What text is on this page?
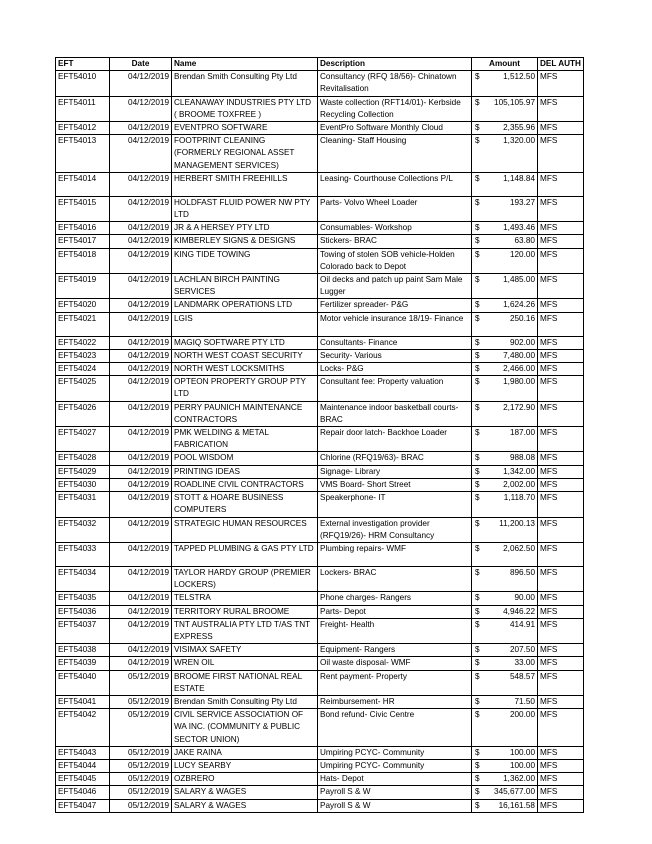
EFT	Date	Name	Description	Amount	DEL AUTH
EFT54010	04/12/2019	Brendan Smith Consulting Pty Ltd	Consultancy (RFQ 18/56)- Chinatown Revitalisation	$ 1,512.50	MFS
EFT54011	04/12/2019	CLEANAWAY INDUSTRIES PTY LTD ( BROOME TOXFREE )	Waste collection (RFT14/01)- Kerbside Recycling Collection	$ 105,105.97	MFS
EFT54012	04/12/2019	EVENTPRO SOFTWARE	EventPro Software Monthly Cloud	$ 2,355.96	MFS
EFT54013	04/12/2019	FOOTPRINT CLEANING (FORMERLY REGIONAL ASSET MANAGEMENT SERVICES)	Cleaning- Staff Housing	$ 1,320.00	MFS
EFT54014	04/12/2019	HERBERT SMITH FREEHILLS	Leasing- Courthouse Collections P/L	$ 1,148.84	MFS
EFT54015	04/12/2019	HOLDFAST FLUID POWER NW PTY LTD	Parts- Volvo Wheel Loader	$ 193.27	MFS
EFT54016	04/12/2019	JR & A HERSEY PTY LTD	Consumables- Workshop	$ 1,493.46	MFS
EFT54017	04/12/2019	KIMBERLEY SIGNS & DESIGNS	Stickers- BRAC	$ 63.80	MFS
EFT54018	04/12/2019	KING TIDE TOWING	Towing of stolen SOB vehicle-Holden Colorado back to Depot	$ 120.00	MFS
EFT54019	04/12/2019	LACHLAN BIRCH PAINTING SERVICES	Oil decks and patch up paint Sam Male Lugger	$ 1,485.00	MFS
EFT54020	04/12/2019	LANDMARK OPERATIONS LTD	Fertilizer spreader- P&G	$ 1,624.26	MFS
EFT54021	04/12/2019	LGIS	Motor vehicle insurance 18/19- Finance	$ 250.16	MFS
EFT54022	04/12/2019	MAGIQ SOFTWARE PTY LTD	Consultants- Finance	$ 902.00	MFS
EFT54023	04/12/2019	NORTH WEST COAST SECURITY	Security- Various	$ 7,480.00	MFS
EFT54024	04/12/2019	NORTH WEST LOCKSMITHS	Locks- P&G	$ 2,466.00	MFS
EFT54025	04/12/2019	OPTEON PROPERTY GROUP PTY LTD	Consultant fee: Property valuation	$ 1,980.00	MFS
EFT54026	04/12/2019	PERRY PAUNICH MAINTENANCE CONTRACTORS	Maintenance indoor basketball courts- BRAC	$ 2,172.90	MFS
EFT54027	04/12/2019	PMK WELDING & METAL FABRICATION	Repair door latch- Backhoe Loader	$ 187.00	MFS
EFT54028	04/12/2019	POOL WISDOM	Chlorine (RFQ19/63)- BRAC	$ 988.08	MFS
EFT54029	04/12/2019	PRINTING IDEAS	Signage- Library	$ 1,342.00	MFS
EFT54030	04/12/2019	ROADLINE CIVIL CONTRACTORS	VMS Board- Short Street	$ 2,002.00	MFS
EFT54031	04/12/2019	STOTT & HOARE BUSINESS COMPUTERS	Speakerphone- IT	$ 1,118.70	MFS
EFT54032	04/12/2019	STRATEGIC HUMAN RESOURCES	External investigation provider (RFQ19/26)- HRM Consultancy	$ 11,200.13	MFS
EFT54033	04/12/2019	TAPPED PLUMBING & GAS PTY LTD	Plumbing repairs- WMF	$ 2,062.50	MFS
EFT54034	04/12/2019	TAYLOR HARDY GROUP (PREMIER LOCKERS)	Lockers- BRAC	$ 896.50	MFS
EFT54035	04/12/2019	TELSTRA	Phone charges- Rangers	$ 90.00	MFS
EFT54036	04/12/2019	TERRITORY RURAL BROOME	Parts- Depot	$ 4,946.22	MFS
EFT54037	04/12/2019	TNT AUSTRALIA PTY LTD T/AS TNT EXPRESS	Freight- Health	$ 414.91	MFS
EFT54038	04/12/2019	VISIMAX SAFETY	Equipment- Rangers	$ 207.50	MFS
EFT54039	04/12/2019	WREN OIL	Oil waste disposal- WMF	$ 33.00	MFS
EFT54040	05/12/2019	BROOME FIRST NATIONAL REAL ESTATE	Rent payment- Property	$ 548.57	MFS
EFT54041	05/12/2019	Brendan Smith Consulting Pty Ltd	Reimbursement- HR	$ 71.50	MFS
EFT54042	05/12/2019	CIVIL SERVICE ASSOCIATION OF WA INC. (COMMUNITY & PUBLIC SECTOR UNION)	Bond refund- Civic Centre	$ 200.00	MFS
EFT54043	05/12/2019	JAKE RAINA	Umpiring PCYC- Community	$ 100.00	MFS
EFT54044	05/12/2019	LUCY SEARBY	Umpiring PCYC- Community	$ 100.00	MFS
EFT54045	05/12/2019	OZBRERO	Hats- Depot	$ 1,362.00	MFS
EFT54046	05/12/2019	SALARY & WAGES	Payroll S & W	$ 345,677.00	MFS
EFT54047	05/12/2019	SALARY & WAGES	Payroll S & W	$ 16,161.58	MFS
